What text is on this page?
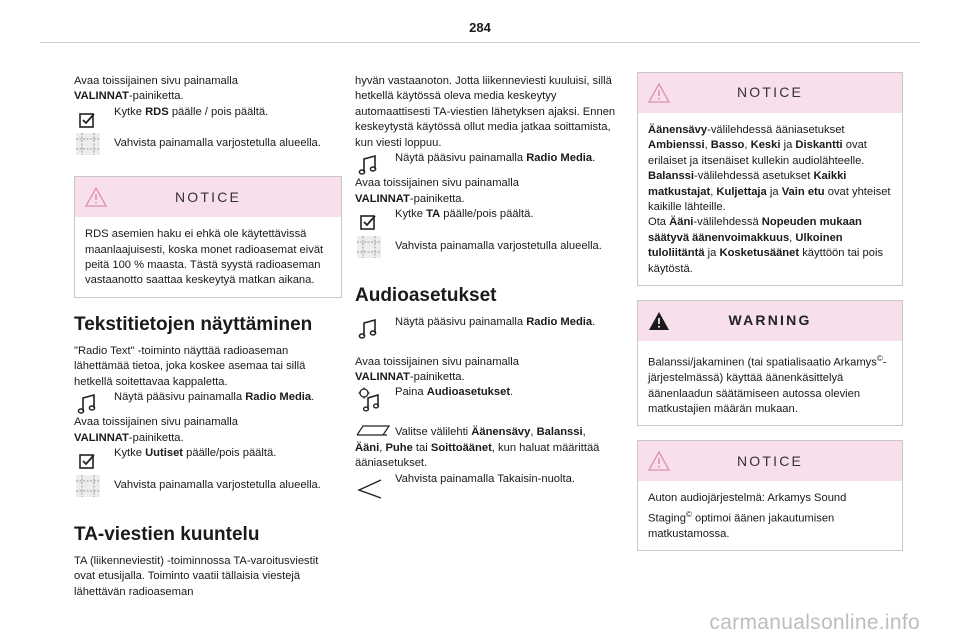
284
Avaa toissijainen sivu painamalla
VALINNAT-painiketta.
Kytke RDS päälle / pois päältä.
Vahvista painamalla varjostetulla alueella.
NOTICE
RDS asemien haku ei ehkä ole käytettävissä maanlaajuisesti, koska monet radioasemat eivät peitä 100 % maasta. Tästä syystä radioaseman vastaanotto saattaa keskeytyä matkan aikana.
Tekstitietojen näyttäminen
"Radio Text" -toiminto näyttää radioaseman lähettämää tietoa, joka koskee asemaa tai sillä hetkellä soitettavaa kappaletta.
Näytä pääsivu painamalla Radio Media.
Avaa toissijainen sivu painamalla
VALINNAT-painiketta.
Kytke Uutiset päälle/pois päältä.
Vahvista painamalla varjostetulla alueella.
TA-viestien kuuntelu
TA (liikenneviestit) -toiminnossa TA-varoitusviestit ovat etusijalla. Toiminto vaatii tällaisia viestejä lähettävän radioaseman
hyvän vastaanoton. Jotta liikenneviesti kuuluisi, sillä hetkellä käytössä oleva media keskeytyy automaattisesti TA-viestien lähetyksen ajaksi. Ennen keskeytystä käytössä ollut media jatkaa soittamista, kun viesti loppuu.
Näytä pääsivu painamalla Radio Media.
Avaa toissijainen sivu painamalla
VALINNAT-painiketta.
Kytke TA päälle/pois päältä.
Vahvista painamalla varjostetulla alueella.
Audioasetukset
Näytä pääsivu painamalla Radio Media.
Avaa toissijainen sivu painamalla
VALINNAT-painiketta.
Paina Audioasetukset.
Valitse välilehti Äänensävy, Balanssi,
Ääni, Puhe tai Soittoäänet, kun haluat määrittää ääniasetukset.
Vahvista painamalla Takaisin-nuolta.
NOTICE
Äänensävy-välilehdessä ääniasetukset Ambienssi, Basso, Keski ja Diskantti ovat erilaiset ja itsenäiset kullekin audiolähteelle. Balanssi-välilehdessä asetukset Kaikki matkustajat, Kuljettaja ja Vain etu ovat yhteiset kaikille lähteille.
Ota Ääni-välilehdessä Nopeuden mukaan säätyvä äänenvoimakkuus, Ulkoinen tuloliitäntä ja Kosketusäänet käyttöön tai pois käytöstä.
WARNING
Balanssi/jakaminen (tai spatialisaatio Arkamys©-järjestelmässä) käyttää äänenkäsittelyä äänenlaadun säätämiseen autossa olevien matkustajien määrän mukaan.
NOTICE
Auton audiojärjestelmä: Arkamys Sound Staging© optimoi äänen jakautumisen matkustamossa.
carmanualsonline.info
